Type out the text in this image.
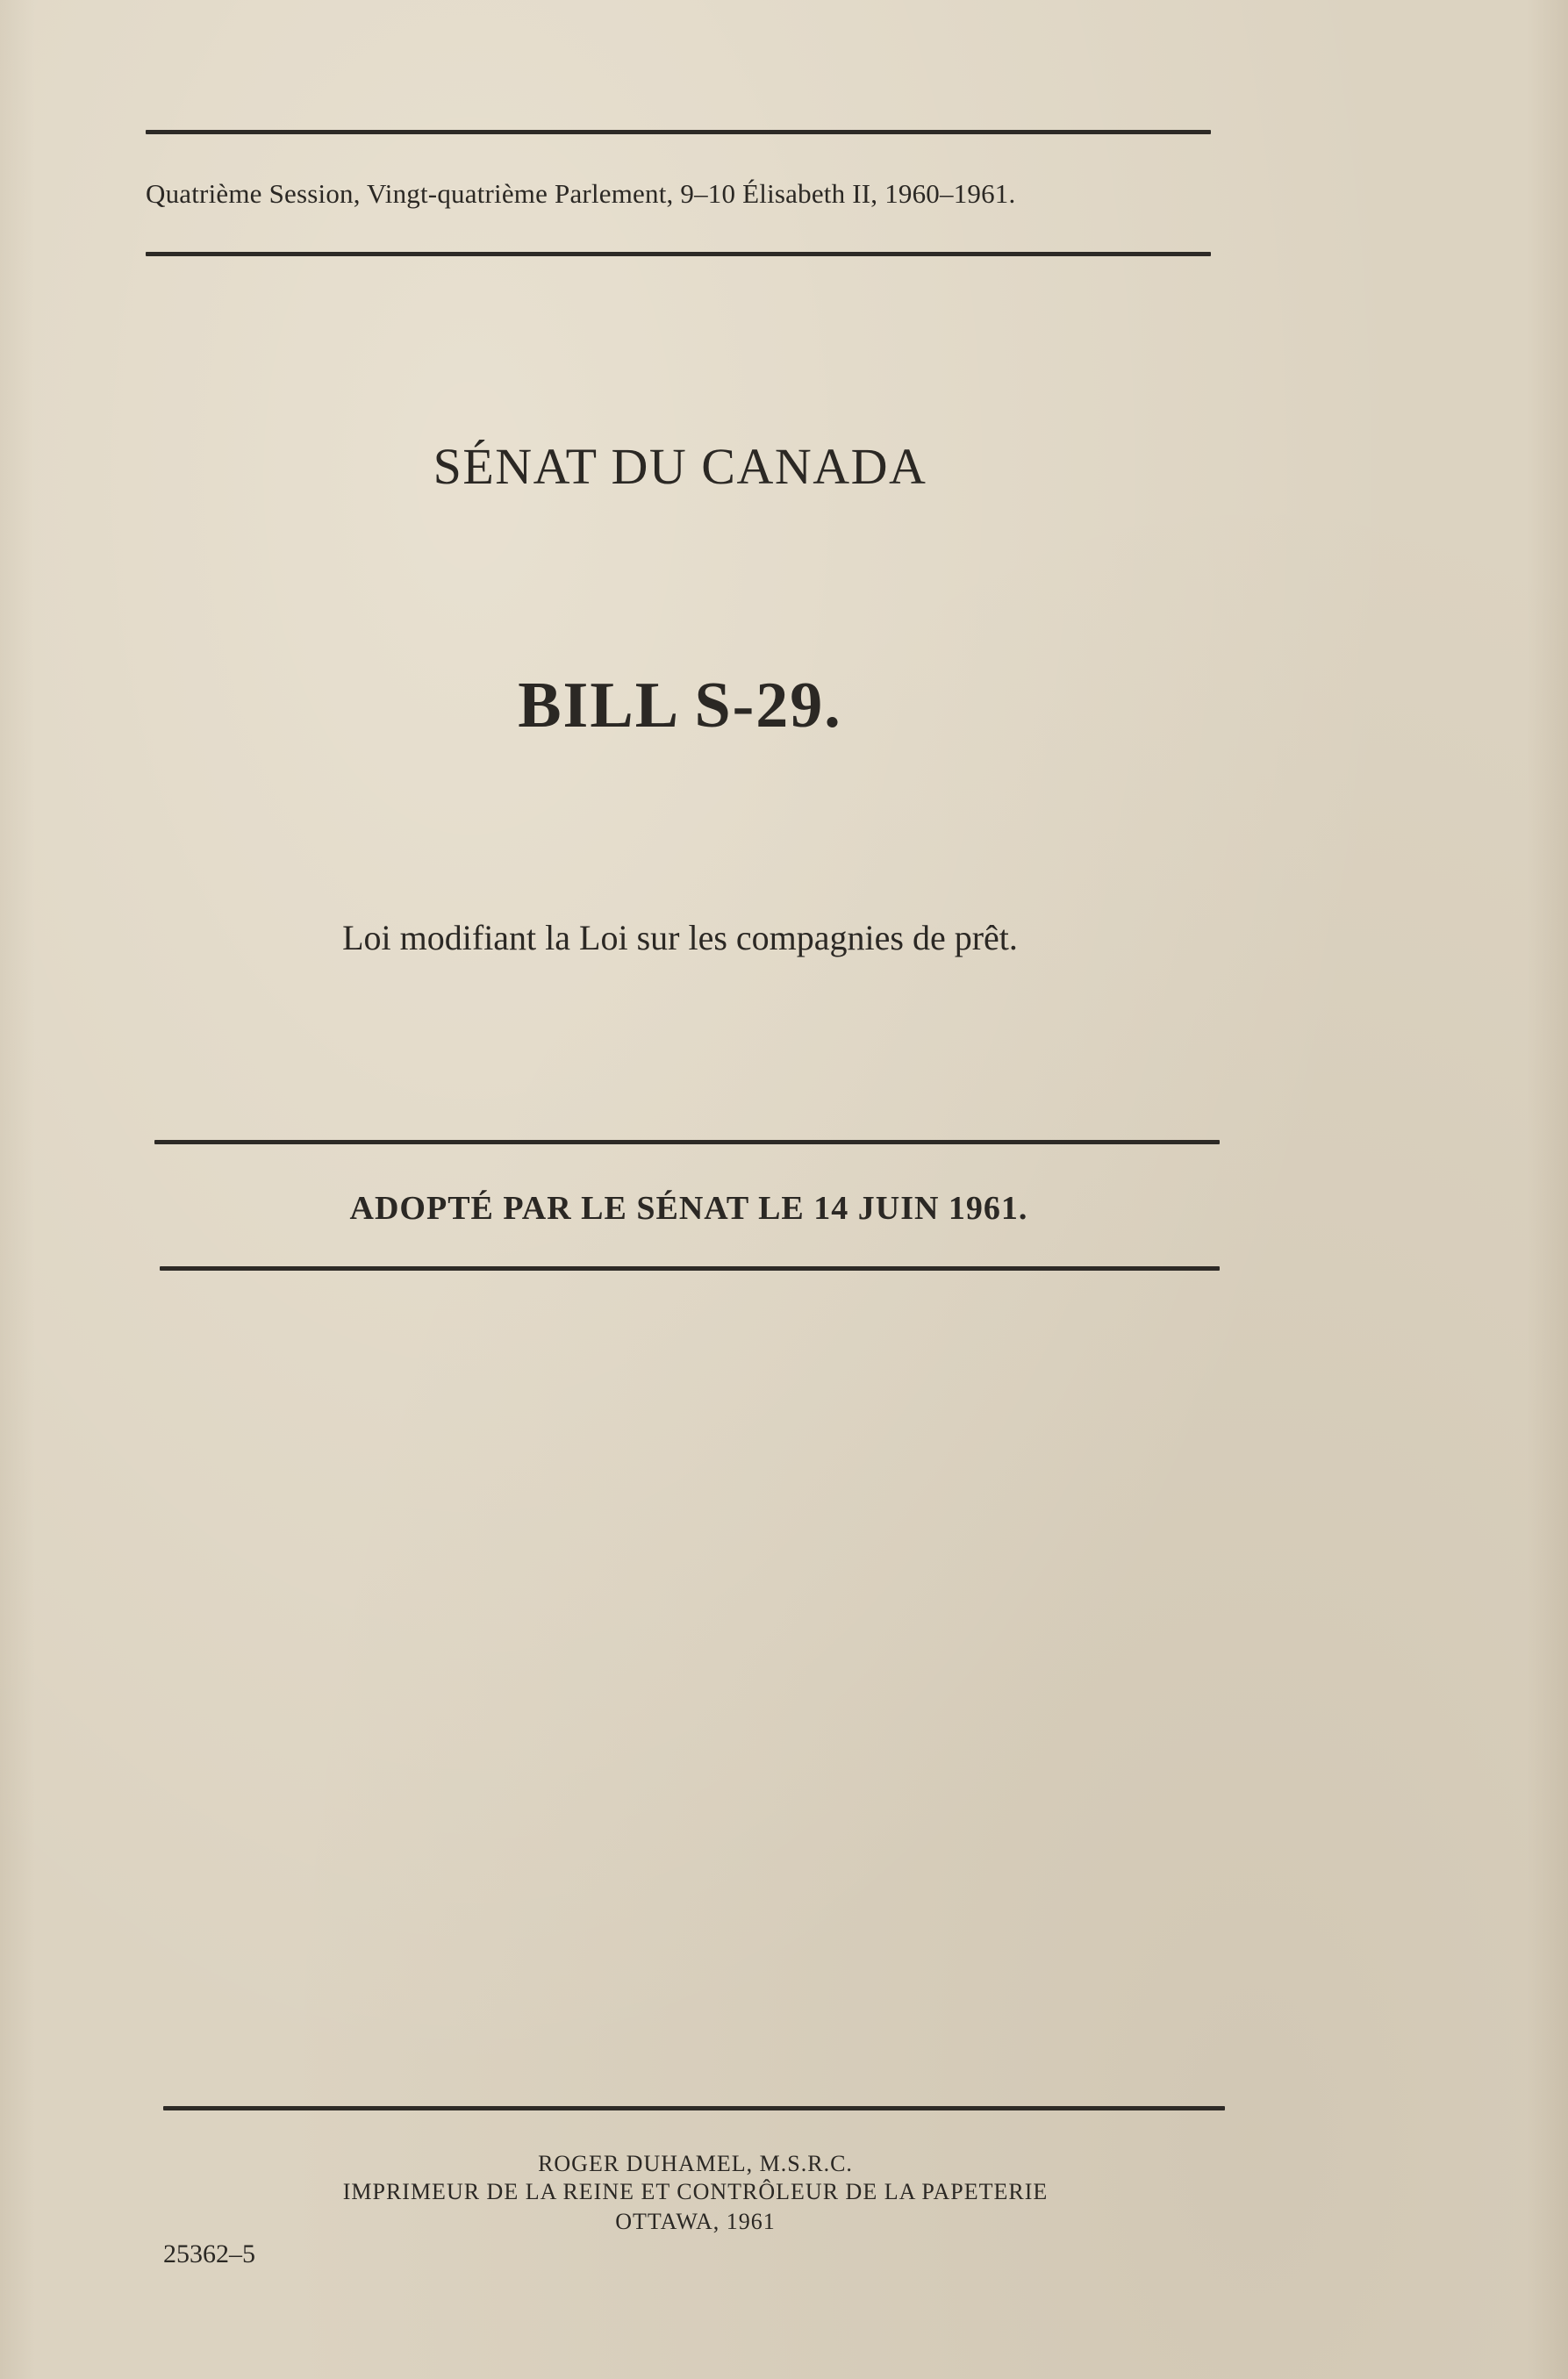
Quatrième Session, Vingt-quatrième Parlement, 9–10 Élisabeth II, 1960–1961.

SÉNAT DU CANADA

BILL S-29.

Loi modifiant la Loi sur les compagnies de prêt.

ADOPTÉ PAR LE SÉNAT LE 14 JUIN 1961.

ROGER DUHAMEL, M.S.R.C.

IMPRIMEUR DE LA REINE ET CONTRÔLEUR DE LA PAPETERIE

OTTAWA, 1961

25362–5
